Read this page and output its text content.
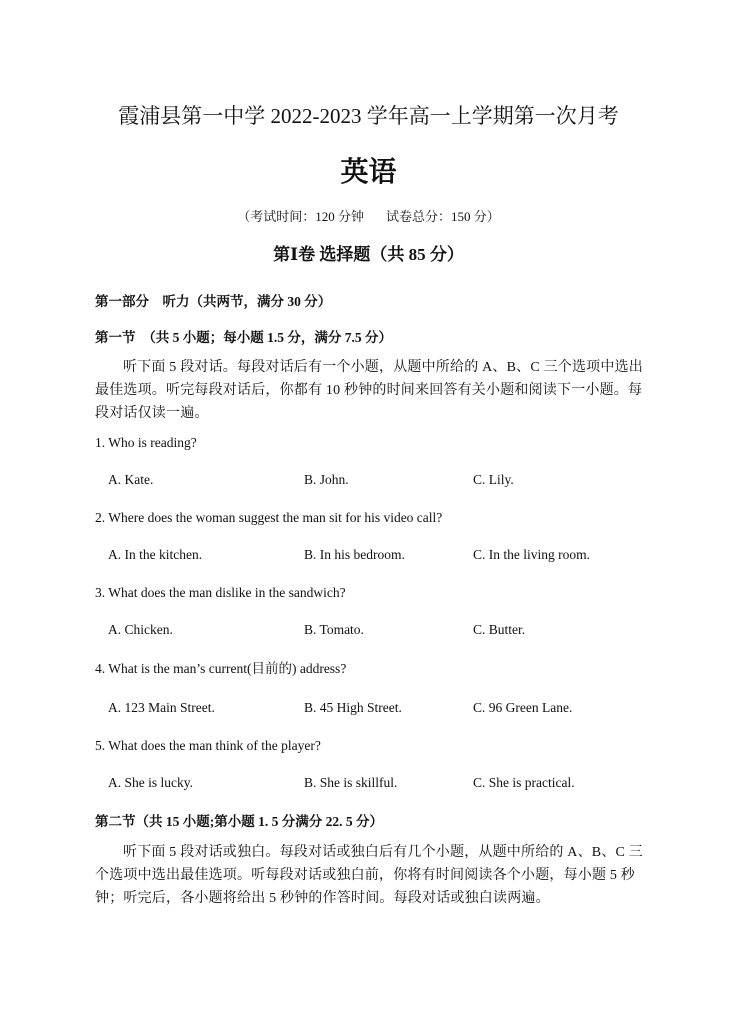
霞浦县第一中学 2022-2023 学年高一上学期第一次月考
英语
（考试时间：120 分钟 试卷总分：150 分）
第Ⅰ卷 选择题（共 85 分）
第一部分　听力（共两节，满分 30 分）
第一节　（共 5 小题；每小题 1.5 分，满分 7.5 分）
听下面 5 段对话。每段对话后有一个小题，从题中所给的 A、B、C 三个选项中选出最佳选项。听完每段对话后，你都有 10 秒钟的时间来回答有关小题和阅读下一小题。每段对话仅读一遍。
1. Who is reading?
A. Kate.	B. John.	C. Lily.
2. Where does the woman suggest the man sit for his video call?
A. In the kitchen.	B. In his bedroom.	C. In the living room.
3. What does the man dislike in the sandwich?
A. Chicken.	B. Tomato.	C. Butter.
4. What is the man’s current(目前的) address?
A. 123 Main Street.	B. 45 High Street.	C. 96 Green Lane.
5. What does the man think of the player?
A. She is lucky.	B. She is skillful.	C. She is practical.
第二节（共 15 小题;第小题 1. 5 分满分 22. 5 分）
听下面 5 段对话或独白。每段对话或独白后有几个小题，从题中所给的 A、B、C 三个选项中选出最佳选项。听每段对话或独白前，你将有时间阅读各个小题，每小题 5 秒钟；听完后，各小题将给出 5 秒钟的作答时间。每段对话或独白读两遍。
